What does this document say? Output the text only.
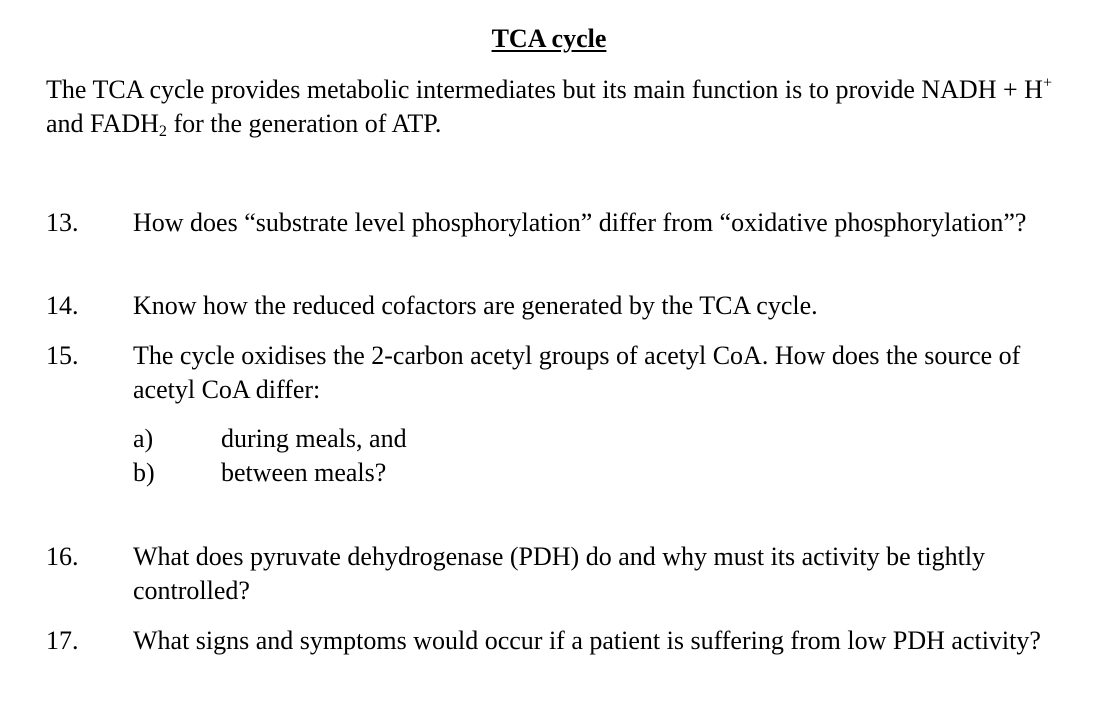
TCA cycle
The TCA cycle provides metabolic intermediates but its main function is to provide NADH + H+ and $FADH_2$ for the generation of ATP.
13.	How does “substrate level phosphorylation” differ from “oxidative phosphorylation”?
14.	Know how the reduced cofactors are generated by the TCA cycle.
15.	The cycle oxidises the 2-carbon acetyl groups of acetyl CoA. How does the source of acetyl CoA differ:
a)	during meals, and
b)	between meals?
16.	What does pyruvate dehydrogenase (PDH) do and why must its activity be tightly controlled?
17.	What signs and symptoms would occur if a patient is suffering from low PDH activity?
